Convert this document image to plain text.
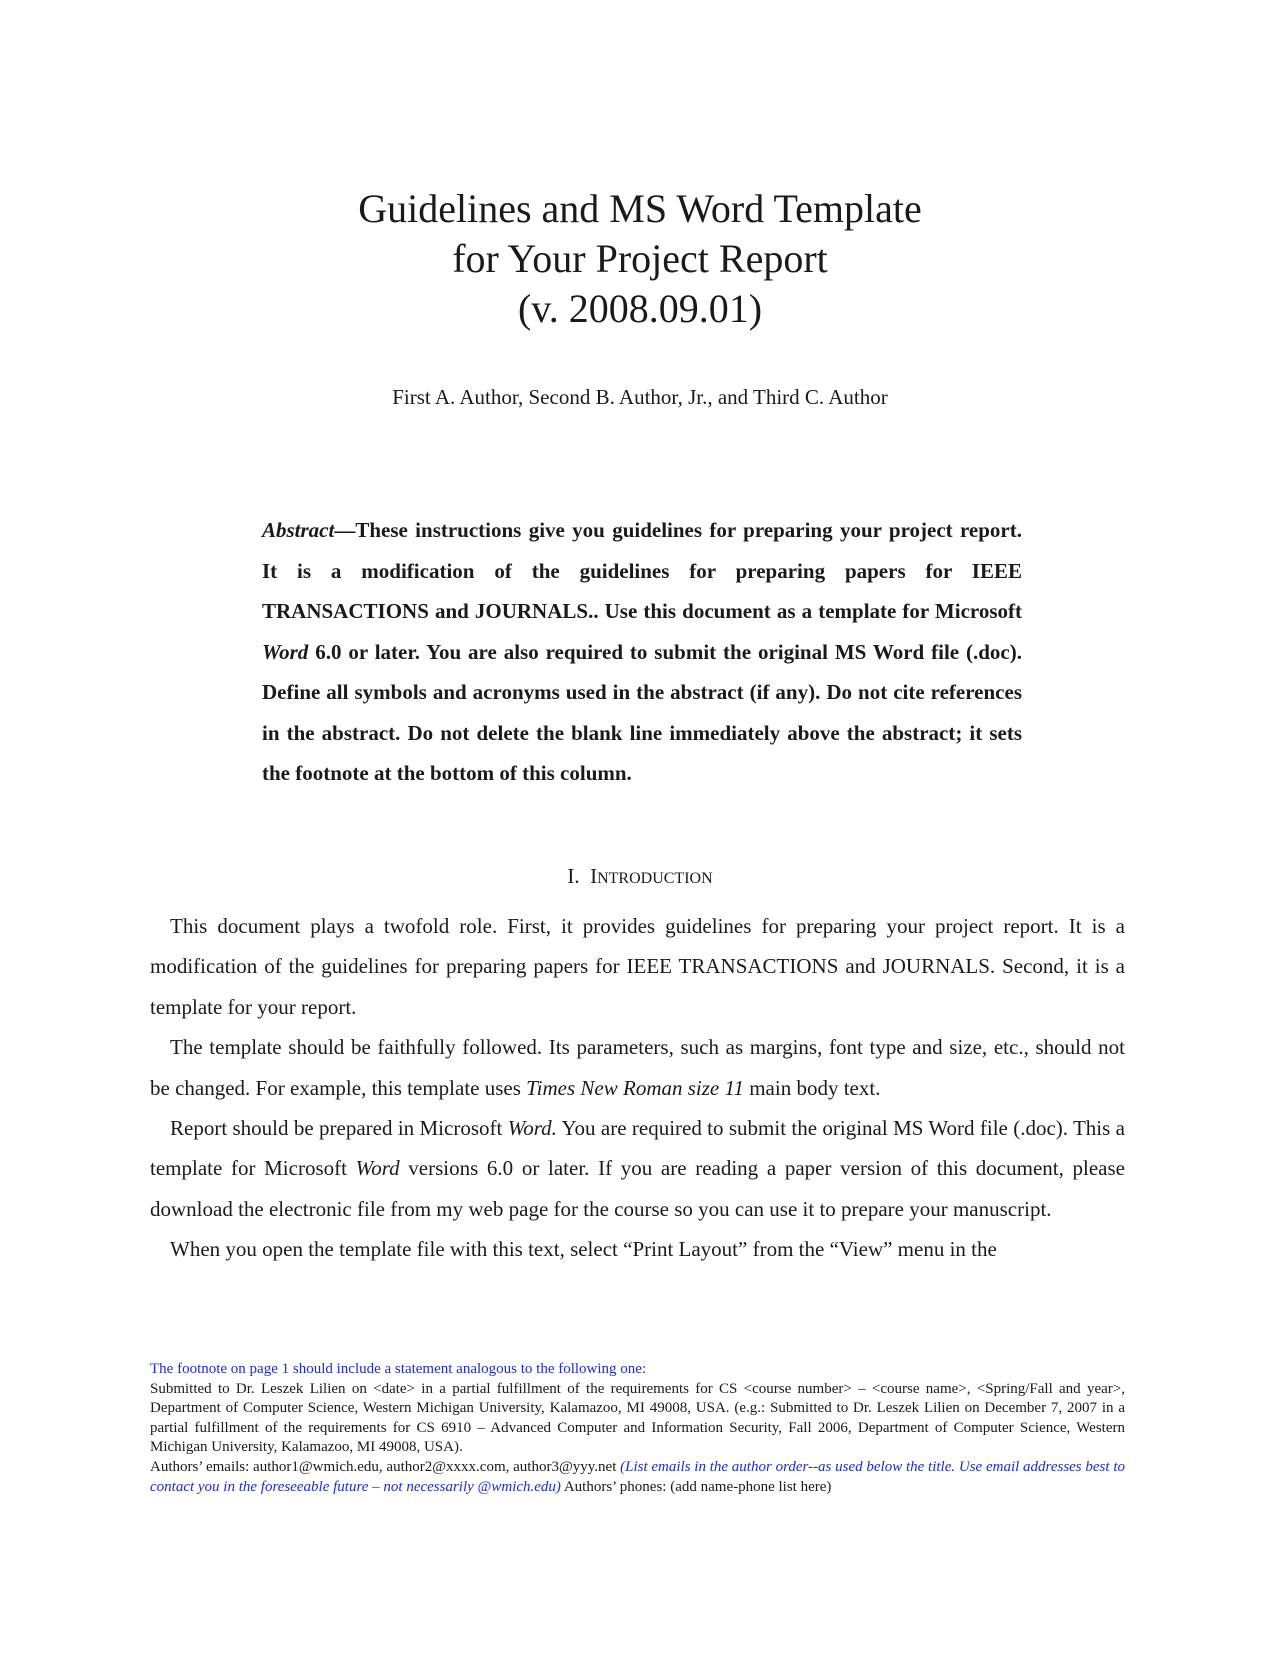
Guidelines and MS Word Template
for Your Project Report
(v. 2008.09.01)
First A. Author, Second B. Author, Jr., and Third C. Author

Abstract—These instructions give you guidelines for preparing your project report. It is a modification of the guidelines for preparing papers for IEEE TRANSACTIONS and JOURNALS.. Use this document as a template for Microsoft Word 6.0 or later. You are also required to submit the original MS Word file (.doc). Define all symbols and acronyms used in the abstract (if any). Do not cite references in the abstract. Do not delete the blank line immediately above the abstract; it sets the footnote at the bottom of this column.

I. INTRODUCTION

This document plays a twofold role. First, it provides guidelines for preparing your project report. It is a modification of the guidelines for preparing papers for IEEE TRANSACTIONS and JOURNALS. Second, it is a template for your report.

The template should be faithfully followed. Its parameters, such as margins, font type and size, etc., should not be changed. For example, this template uses Times New Roman size 11 main body text.

Report should be prepared in Microsoft Word. You are required to submit the original MS Word file (.doc). This a template for Microsoft Word versions 6.0 or later. If you are reading a paper version of this document, please download the electronic file from my web page for the course so you can use it to prepare your manuscript.

When you open the template file with this text, select “Print Layout” from the “View” menu in the

The footnote on page 1 should include a statement analogous to the following one:
Submitted to Dr. Leszek Lilien on <date> in a partial fulfillment of the requirements for CS <course number> – <course name>, <Spring/Fall and year>, Department of Computer Science, Western Michigan University, Kalamazoo, MI 49008, USA. (e.g.: Submitted to Dr. Leszek Lilien on December 7, 2007 in a partial fulfillment of the requirements for CS 6910 – Advanced Computer and Information Security, Fall 2006, Department of Computer Science, Western Michigan University, Kalamazoo, MI 49008, USA).
Authors’ emails: author1@wmich.edu, author2@xxxx.com, author3@yyy.net (List emails in the author order--as used below the title. Use email addresses best to contact you in the foreseeable future – not necessarily @wmich.edu) Authors’ phones: (add name-phone list here)
